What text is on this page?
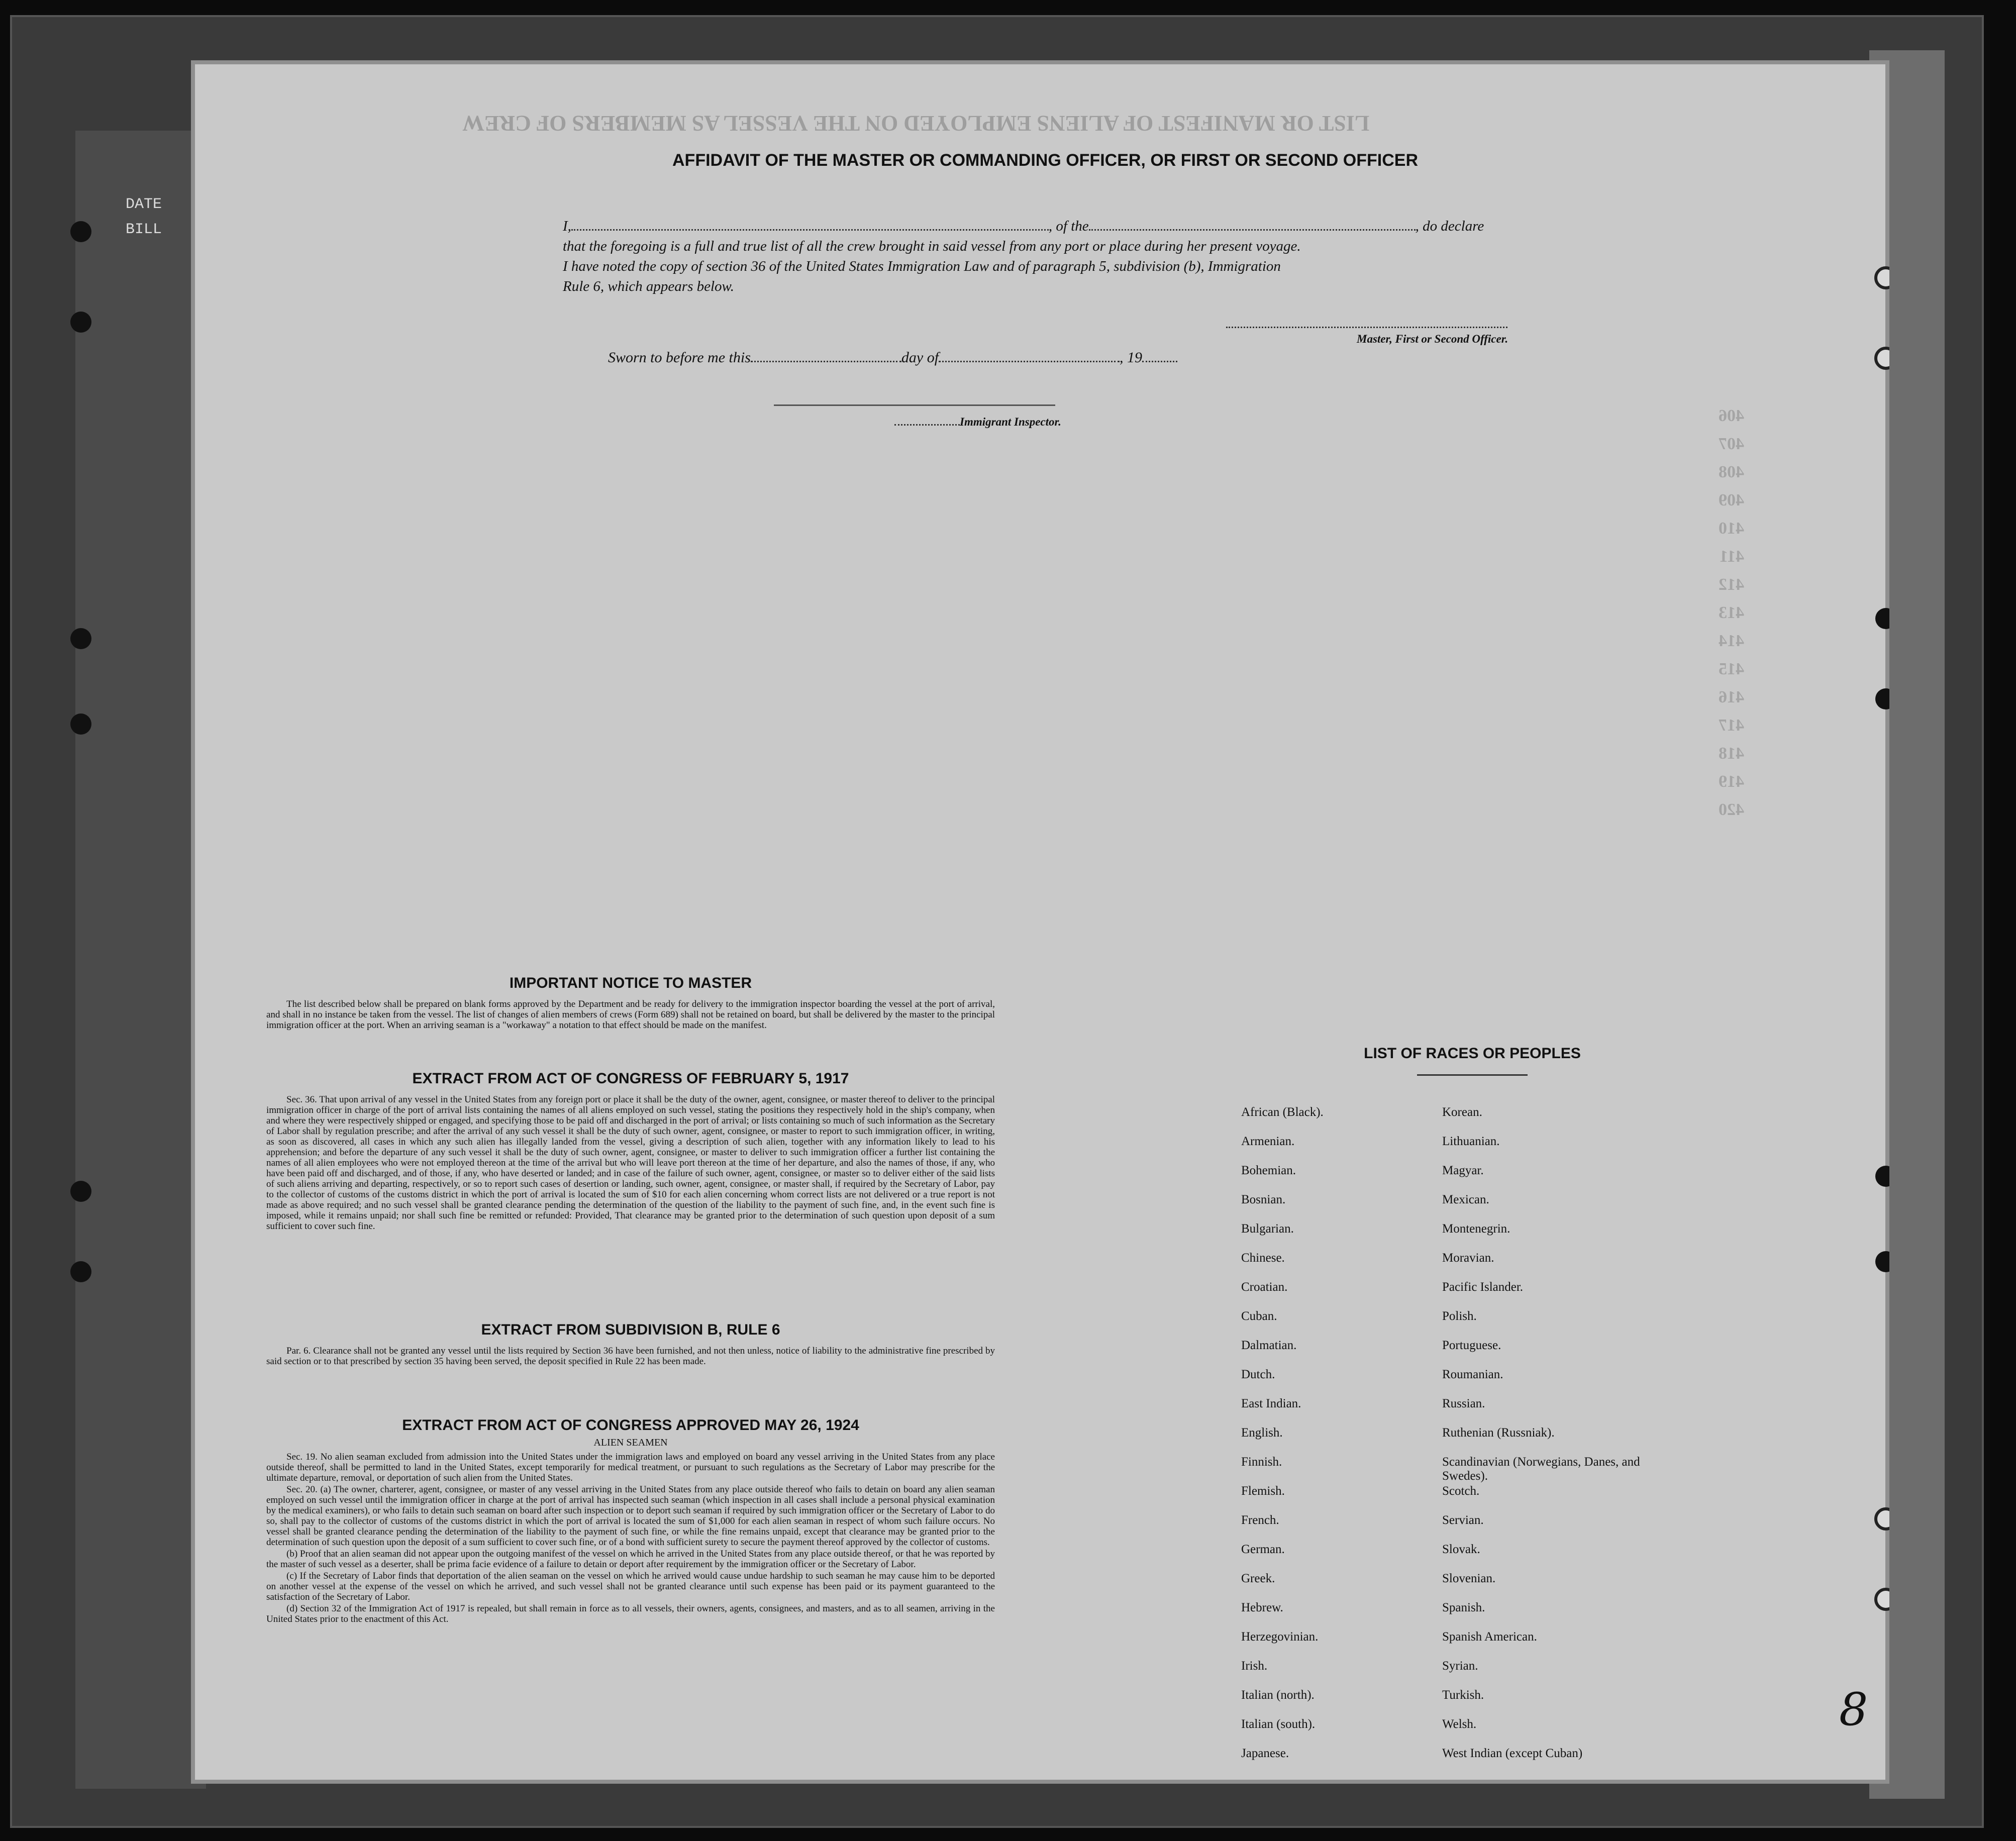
DATE
BILL
LIST OR MANIFEST OF ALIENS EMPLOYED ON THE VESSEL AS MEMBERS OF CREW
406
407
408
409
410
411
412
413
414
415
416
417
418
419
420
AFFIDAVIT OF THE MASTER OR COMMANDING OFFICER, OR FIRST OR SECOND OFFICER
I,	, of the	, do declare
that the foregoing is a full and true list of all the crew brought in said vessel from any port or place during her present voyage.
I have noted the copy of section 36 of the United States Immigration Law and of paragraph 5, subdivision (b), Immigration
Rule 6, which appears below.
Master, First or Second Officer.
Sworn to before me this	day of	, 19
Immigrant Inspector.
IMPORTANT NOTICE TO MASTER

The list described below shall be prepared on blank forms approved by the Department and be ready for delivery to the immigration inspector boarding the vessel at the port of arrival, and shall in no instance be taken from the vessel. The list of changes of alien members of crews (Form 689) shall not be retained on board, but shall be delivered by the master to the principal immigration officer at the port. When an arriving seaman is a "workaway" a notation to that effect should be made on the manifest.

EXTRACT FROM ACT OF CONGRESS OF FEBRUARY 5, 1917

Sec. 36. That upon arrival of any vessel in the United States from any foreign port or place it shall be the duty of the owner, agent, consignee, or master thereof to deliver to the principal immigration officer in charge of the port of arrival lists containing the names of all aliens employed on such vessel, stating the positions they respectively hold in the ship's company, when and where they were respectively shipped or engaged, and specifying those to be paid off and discharged in the port of arrival; or lists containing so much of such information as the Secretary of Labor shall by regulation prescribe; and after the arrival of any such vessel it shall be the duty of such owner, agent, consignee, or master to report to such immigration officer, in writing, as soon as discovered, all cases in which any such alien has illegally landed from the vessel, giving a description of such alien, together with any information likely to lead to his apprehension; and before the departure of any such vessel it shall be the duty of such owner, agent, consignee, or master to deliver to such immigration officer a further list containing the names of all alien employees who were not employed thereon at the time of the arrival but who will leave port thereon at the time of her departure, and also the names of those, if any, who have been paid off and discharged, and of those, if any, who have deserted or landed; and in case of the failure of such owner, agent, consignee, or master so to deliver either of the said lists of such aliens arriving and departing, respectively, or so to report such cases of desertion or landing, such owner, agent, consignee, or master shall, if required by the Secretary of Labor, pay to the collector of customs of the customs district in which the port of arrival is located the sum of $10 for each alien concerning whom correct lists are not delivered or a true report is not made as above required; and no such vessel shall be granted clearance pending the determination of the question of the liability to the payment of such fine, and, in the event such fine is imposed, while it remains unpaid; nor shall such fine be remitted or refunded: Provided, That clearance may be granted prior to the determination of such question upon deposit of a sum sufficient to cover such fine.

EXTRACT FROM SUBDIVISION B, RULE 6

Par. 6. Clearance shall not be granted any vessel until the lists required by Section 36 have been furnished, and not then unless, notice of liability to the administrative fine prescribed by said section or to that prescribed by section 35 having been served, the deposit specified in Rule 22 has been made.

EXTRACT FROM ACT OF CONGRESS APPROVED MAY 26, 1924
ALIEN SEAMEN

Sec. 19. No alien seaman excluded from admission into the United States under the immigration laws and employed on board any vessel arriving in the United States from any place outside thereof, shall be permitted to land in the United States, except temporarily for medical treatment, or pursuant to such regulations as the Secretary of Labor may prescribe for the ultimate departure, removal, or deportation of such alien from the United States.

Sec. 20. (a) The owner, charterer, agent, consignee, or master of any vessel arriving in the United States from any place outside thereof who fails to detain on board any alien seaman employed on such vessel until the immigration officer in charge at the port of arrival has inspected such seaman (which inspection in all cases shall include a personal physical examination by the medical examiners), or who fails to detain such seaman on board after such inspection or to deport such seaman if required by such immigration officer or the Secretary of Labor to do so, shall pay to the collector of customs of the customs district in which the port of arrival is located the sum of $1,000 for each alien seaman in respect of whom such failure occurs. No vessel shall be granted clearance pending the determination of the liability to the payment of such fine, or while the fine remains unpaid, except that clearance may be granted prior to the determination of such question upon the deposit of a sum sufficient to cover such fine, or of a bond with sufficient surety to secure the payment thereof approved by the collector of customs.

(b) Proof that an alien seaman did not appear upon the outgoing manifest of the vessel on which he arrived in the United States from any place outside thereof, or that he was reported by the master of such vessel as a deserter, shall be prima facie evidence of a failure to detain or deport after requirement by the immigration officer or the Secretary of Labor.

(c) If the Secretary of Labor finds that deportation of the alien seaman on the vessel on which he arrived would cause undue hardship to such seaman he may cause him to be deported on another vessel at the expense of the vessel on which he arrived, and such vessel shall not be granted clearance until such expense has been paid or its payment guaranteed to the satisfaction of the Secretary of Labor.

(d) Section 32 of the Immigration Act of 1917 is repealed, but shall remain in force as to all vessels, their owners, agents, consignees, and masters, and as to all seamen, arriving in the United States prior to the enactment of this Act.

LIST OF RACES OR PEOPLES
African (Black).
Armenian.
Bohemian.
Bosnian.
Bulgarian.
Chinese.
Croatian.
Cuban.
Dalmatian.
Dutch.
East Indian.
English.
Finnish.
Flemish.
French.
German.
Greek.
Hebrew.
Herzegovinian.
Irish.
Italian (north).
Italian (south).
Japanese.
Korean.
Lithuanian.
Magyar.
Mexican.
Montenegrin.
Moravian.
Pacific Islander.
Polish.
Portuguese.
Roumanian.
Russian.
Ruthenian (Russniak).
Scandinavian (Norwegians, Danes, and Swedes).
Scotch.
Servian.
Slovak.
Slovenian.
Spanish.
Spanish American.
Syrian.
Turkish.
Welsh.
West Indian (except Cuban)
8
